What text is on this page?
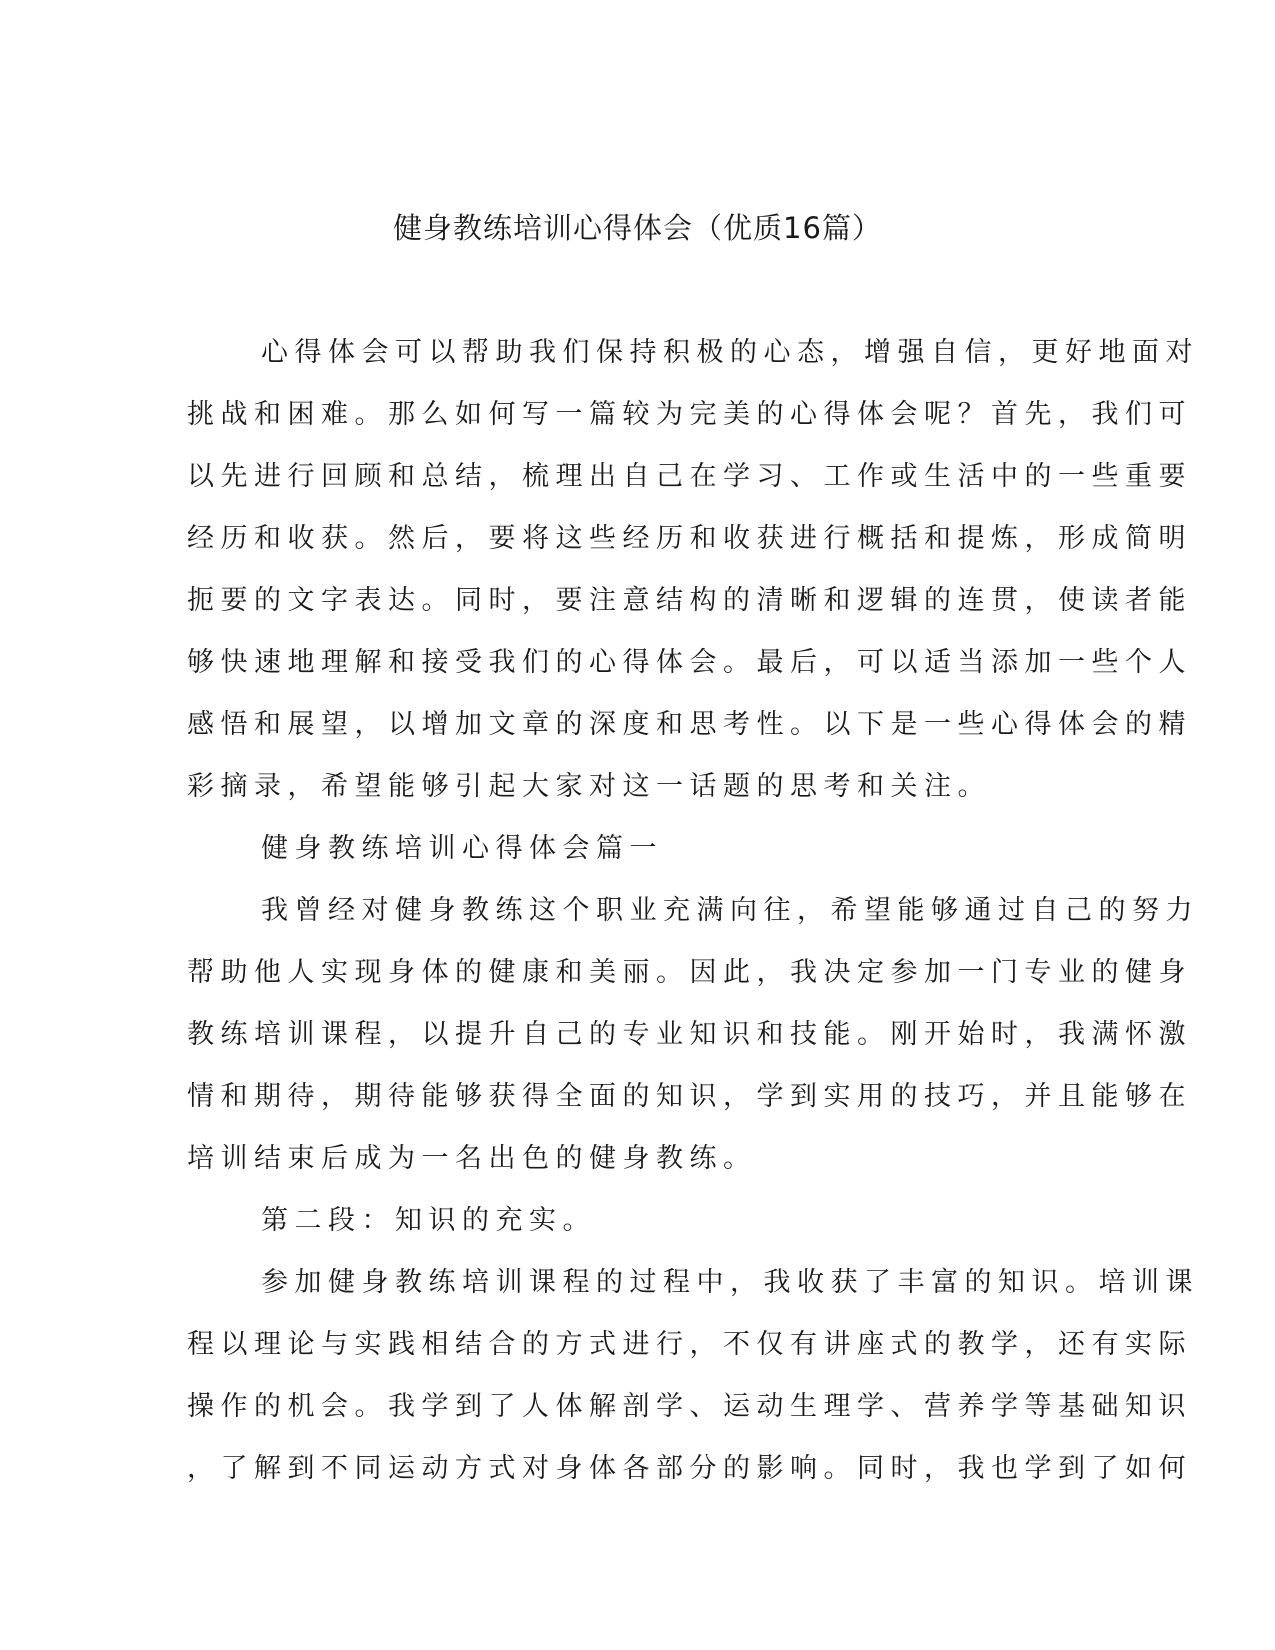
健身教练培训心得体会（优质16篇）
心得体会可以帮助我们保持积极的心态，增强自信，更好地面对
挑战和困难。那么如何写一篇较为完美的心得体会呢？首先，我们可
以先进行回顾和总结，梳理出自己在学习、工作或生活中的一些重要
经历和收获。然后，要将这些经历和收获进行概括和提炼，形成简明
扼要的文字表达。同时，要注意结构的清晰和逻辑的连贯，使读者能
够快速地理解和接受我们的心得体会。最后，可以适当添加一些个人
感悟和展望，以增加文章的深度和思考性。以下是一些心得体会的精
彩摘录，希望能够引起大家对这一话题的思考和关注。
健身教练培训心得体会篇一
我曾经对健身教练这个职业充满向往，希望能够通过自己的努力
帮助他人实现身体的健康和美丽。因此，我决定参加一门专业的健身
教练培训课程，以提升自己的专业知识和技能。刚开始时，我满怀激
情和期待，期待能够获得全面的知识，学到实用的技巧，并且能够在
培训结束后成为一名出色的健身教练。
第二段：知识的充实。
参加健身教练培训课程的过程中，我收获了丰富的知识。培训课
程以理论与实践相结合的方式进行，不仅有讲座式的教学，还有实际
操作的机会。我学到了人体解剖学、运动生理学、营养学等基础知识
，了解到不同运动方式对身体各部分的影响。同时，我也学到了如何
